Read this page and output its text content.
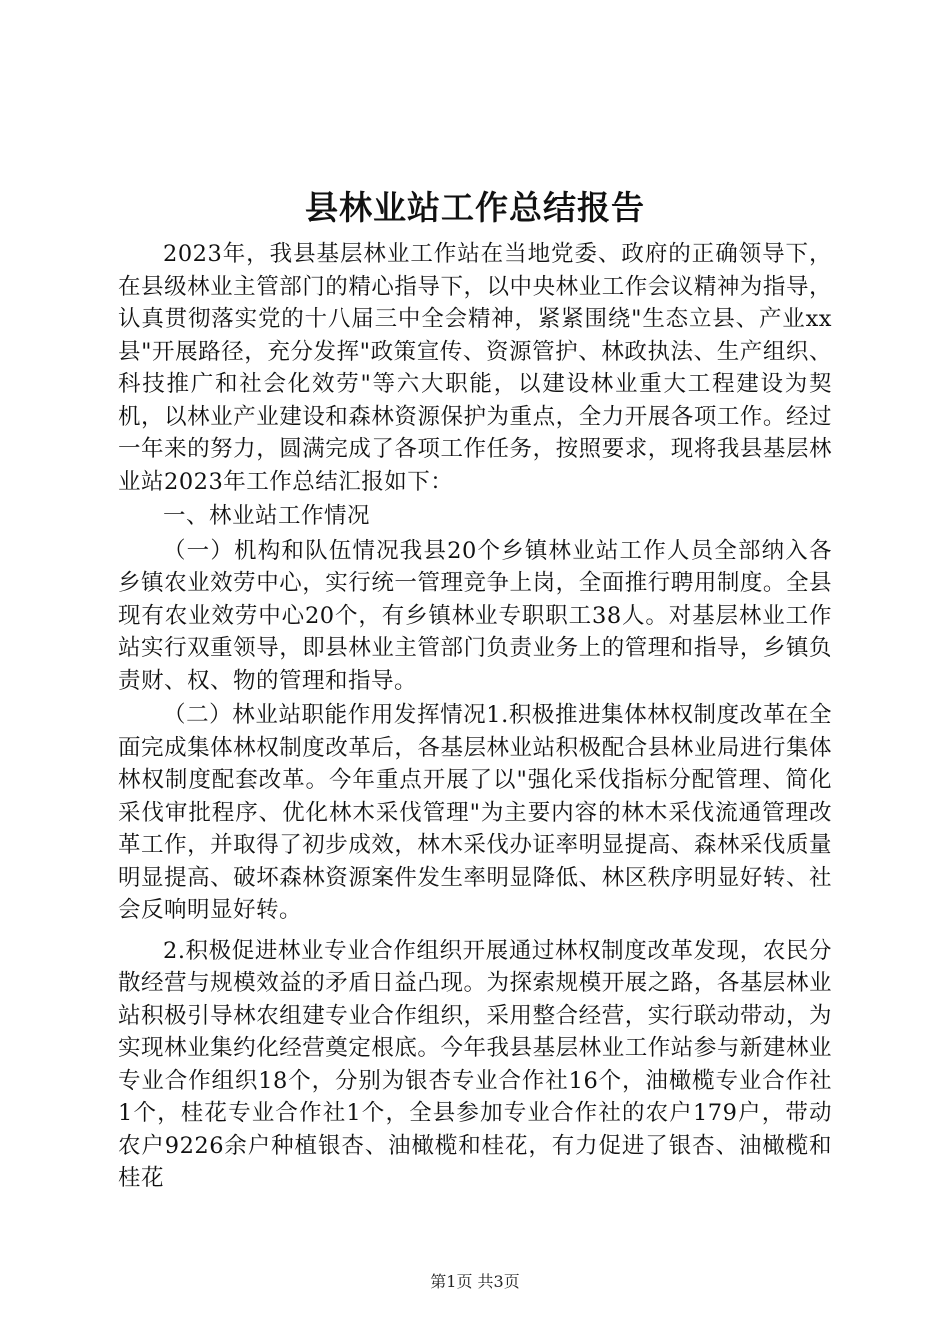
县林业站工作总结报告

2023年，我县基层林业工作站在当地党委、政府的正确领导下，在县级林业主管部门的精心指导下，以中央林业工作会议精神为指导，认真贯彻落实党的十八届三中全会精神，紧紧围绕"生态立县、产业xx县"开展路径，充分发挥"政策宣传、资源管护、林政执法、生产组织、科技推广和社会化效劳"等六大职能，以建设林业重大工程建设为契机，以林业产业建设和森林资源保护为重点，全力开展各项工作。经过一年来的努力，圆满完成了各项工作任务，按照要求，现将我县基层林业站2023年工作总结汇报如下：

一、林业站工作情况

（一）机构和队伍情况我县20个乡镇林业站工作人员全部纳入各乡镇农业效劳中心，实行统一管理竞争上岗，全面推行聘用制度。全县现有农业效劳中心20个，有乡镇林业专职职工38人。对基层林业工作站实行双重领导，即县林业主管部门负责业务上的管理和指导，乡镇负责财、权、物的管理和指导。

（二）林业站职能作用发挥情况1.积极推进集体林权制度改革在全面完成集体林权制度改革后，各基层林业站积极配合县林业局进行集体林权制度配套改革。今年重点开展了以"强化采伐指标分配管理、简化采伐审批程序、优化林木采伐管理"为主要内容的林木采伐流通管理改革工作，并取得了初步成效，林木采伐办证率明显提高、森林采伐质量明显提高、破坏森林资源案件发生率明显降低、林区秩序明显好转、社会反响明显好转。

2.积极促进林业专业合作组织开展通过林权制度改革发现，农民分散经营与规模效益的矛盾日益凸现。为探索规模开展之路，各基层林业站积极引导林农组建专业合作组织，采用整合经营，实行联动带动，为实现林业集约化经营奠定根底。今年我县基层林业工作站参与新建林业专业合作组织18个，分别为银杏专业合作社16个，油橄榄专业合作社1个，桂花专业合作社1个，全县参加专业合作社的农户179户，带动农户9226余户种植银杏、油橄榄和桂花，有力促进了银杏、油橄榄和桂花

第1页 共3页
